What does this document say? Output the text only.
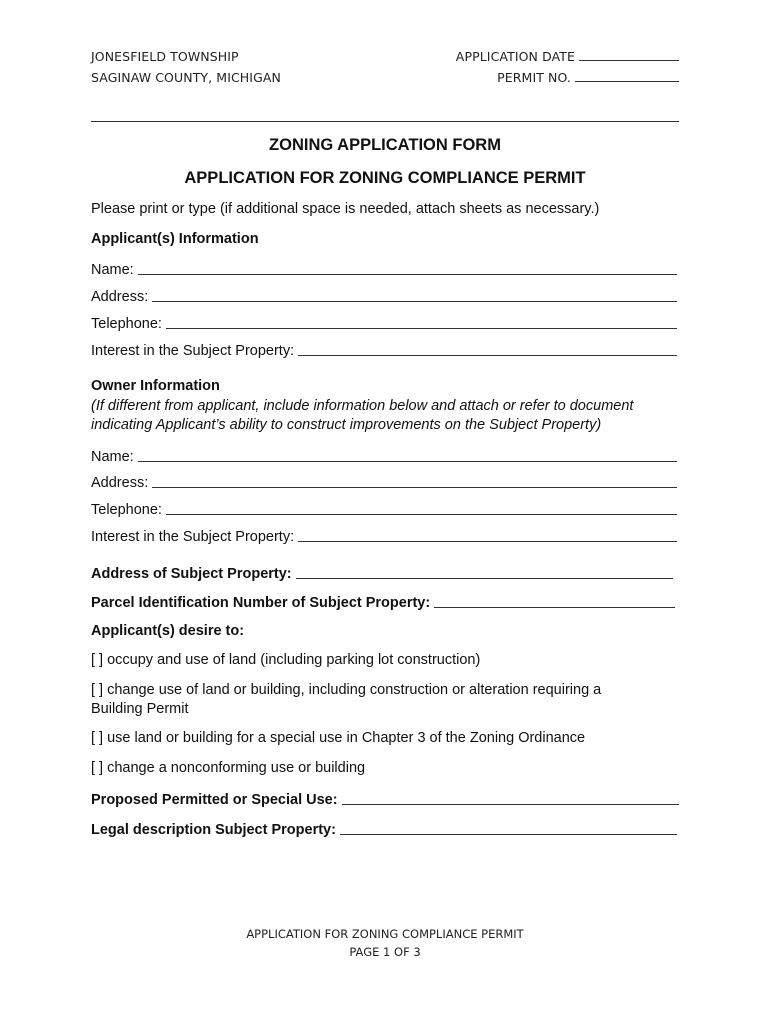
JONESFIELD TOWNSHIP
SAGINAW COUNTY, MICHIGAN
APPLICATION DATE
PERMIT NO.
ZONING APPLICATION FORM
APPLICATION FOR ZONING COMPLIANCE PERMIT
Please print or type (if additional space is needed, attach sheets as necessary.)
Applicant(s) Information
Name:
Address:
Telephone:
Interest in the Subject Property:
Owner Information
(If different from applicant, include information below and attach or refer to document
indicating Applicant’s ability to construct improvements on the Subject Property)
Name:
Address:
Telephone:
Interest in the Subject Property:
Address of Subject Property:
Parcel Identification Number of Subject Property:
Applicant(s) desire to:
[ ] occupy and use of land (including parking lot construction)
[ ] change use of land or building, including construction or alteration requiring a Building Permit
[ ] use land or building for a special use in Chapter 3 of the Zoning Ordinance
[ ] change a nonconforming use or building
Proposed Permitted or Special Use:
Legal description Subject Property:
APPLICATION FOR ZONING COMPLIANCE PERMIT
PAGE 1 OF 3
